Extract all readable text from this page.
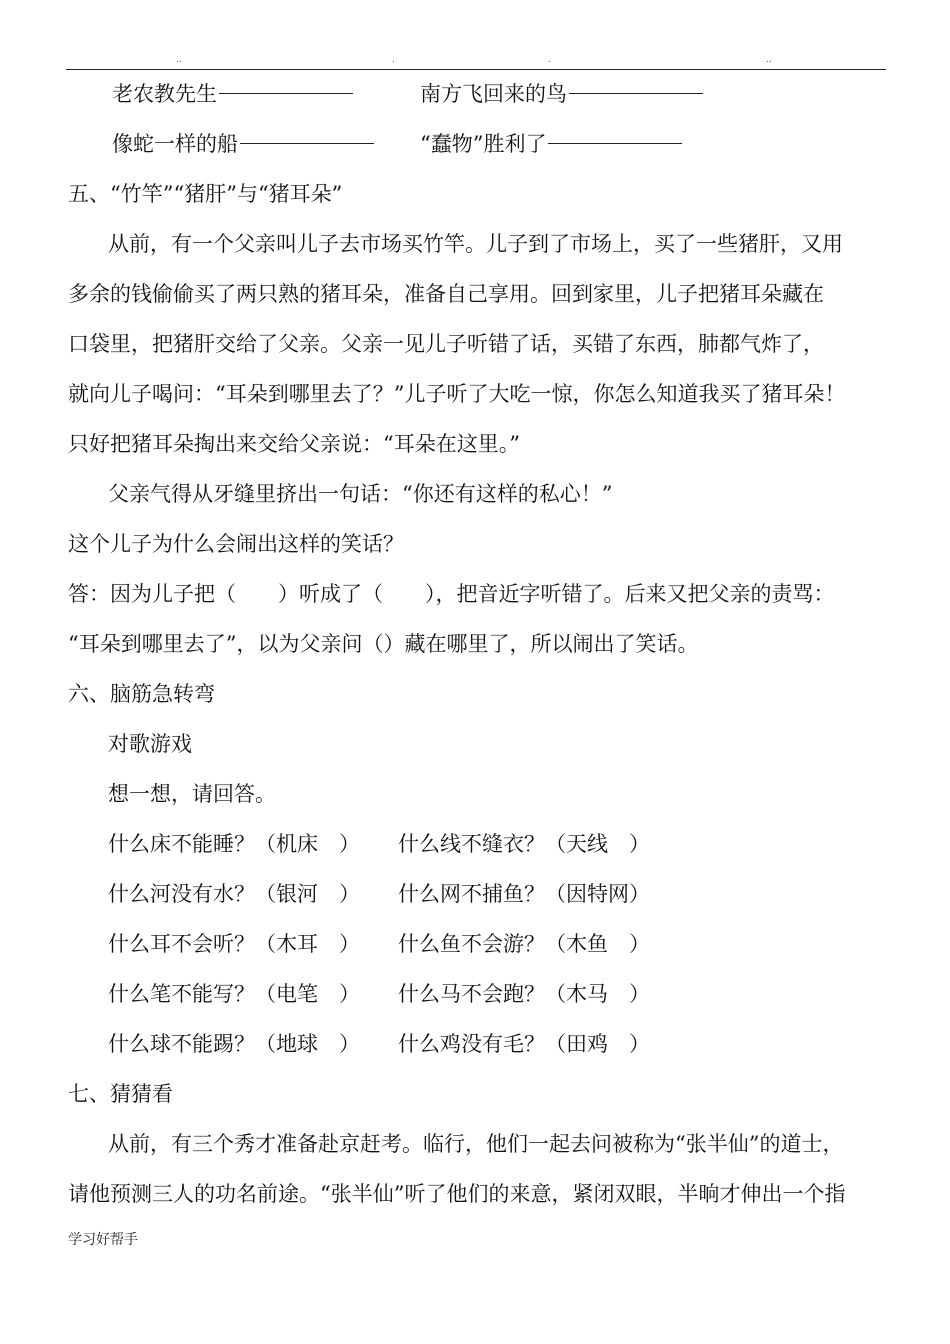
..	.	.	..
老农教先生	南方飞回来的鸟
像蛇一样的船	“蠢物”胜利了
五、“竹竿”“猪肝”与“猪耳朵”
从前，有一个父亲叫儿子去市场买竹竿。儿子到了市场上，买了一些猪肝，又用
多余的钱偷偷买了两只熟的猪耳朵，准备自己享用。回到家里，儿子把猪耳朵藏在
口袋里，把猪肝交给了父亲。父亲一见儿子听错了话，买错了东西，肺都气炸了，
就向儿子喝问：“耳朵到哪里去了？”儿子听了大吃一惊，你怎么知道我买了猪耳朵！
只好把猪耳朵掏出来交给父亲说：“耳朵在这里。”
父亲气得从牙缝里挤出一句话：“你还有这样的私心！”
这个儿子为什么会闹出这样的笑话？
答：因为儿子把（　　）听成了（　　），把音近字听错了。后来又把父亲的责骂：
“耳朵到哪里去了”，以为父亲问（）藏在哪里了，所以闹出了笑话。
六、脑筋急转弯
对歌游戏
想一想，请回答。
什么床不能睡？（机床　） 什么线不缝衣？（天线　）
什么河没有水？（银河　） 什么网不捕鱼？（因特网）
什么耳不会听？（木耳　） 什么鱼不会游？（木鱼　）
什么笔不能写？（电笔　） 什么马不会跑？（木马　）
什么球不能踢？（地球　） 什么鸡没有毛？（田鸡　）
七、猜猜看
从前，有三个秀才准备赴京赶考。临行，他们一起去问被称为“张半仙”的道士，
请他预测三人的功名前途。“张半仙”听了他们的来意，紧闭双眼，半晌才伸出一个指
学习好帮手
